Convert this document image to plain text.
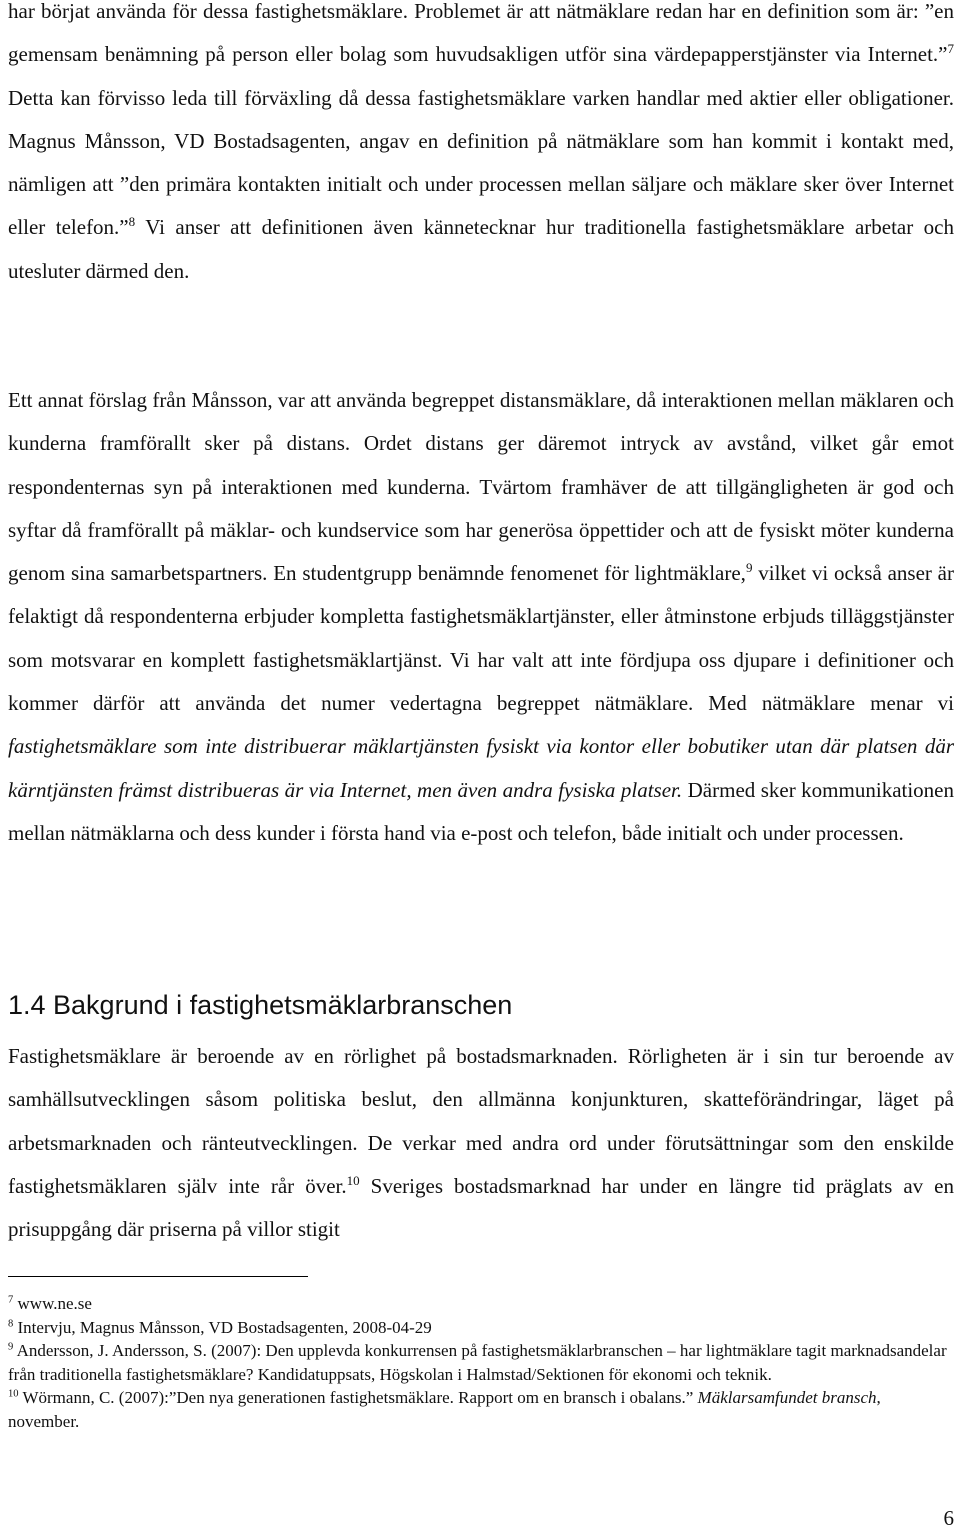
har börjat använda för dessa fastighetsmäklare. Problemet är att nätmäklare redan har en definition som är: ”en gemensam benämning på person eller bolag som huvudsakligen utför sina värdepapperstjänster via Internet.”$^7$ Detta kan förvisso leda till förväxling då dessa fastighetsmäklare varken handlar med aktier eller obligationer. Magnus Månsson, VD Bostadsagenten, angav en definition på nätmäklare som han kommit i kontakt med, nämligen att ”den primära kontakten initialt och under processen mellan säljare och mäklare sker över Internet eller telefon.”$^8$ Vi anser att definitionen även kännetecknar hur traditionella fastighetsmäklare arbetar och utesluter därmed den.

Ett annat förslag från Månsson, var att använda begreppet distansmäklare, då interaktionen mellan mäklaren och kunderna framförallt sker på distans. Ordet distans ger däremot intryck av avstånd, vilket går emot respondenternas syn på interaktionen med kunderna. Tvärtom framhäver de att tillgängligheten är god och syftar då framförallt på mäklar- och kundservice som har generösa öppettider och att de fysiskt möter kunderna genom sina samarbetspartners. En studentgrupp benämnde fenomenet för lightmäklare,$^9$ vilket vi också anser är felaktigt då respondenterna erbjuder kompletta fastighetsmäklartjänster, eller åtminstone erbjuds tilläggstjänster som motsvarar en komplett fastighetsmäklartjänst. Vi har valt att inte fördjupa oss djupare i definitioner och kommer därför att använda det numer vedertagna begreppet nätmäklare. Med nätmäklare menar vi fastighetsmäklare som inte distribuerar mäklartjänsten fysiskt via kontor eller bobutiker utan där platsen där kärntjänsten främst distribueras är via Internet, men även andra fysiska platser. Därmed sker kommunikationen mellan nätmäklarna och dess kunder i första hand via e-post och telefon, både initialt och under processen.

1.4 Bakgrund i fastighetsmäklarbranschen

Fastighetsmäklare är beroende av en rörlighet på bostadsmarknaden. Rörligheten är i sin tur beroende av samhällsutvecklingen såsom politiska beslut, den allmänna konjunkturen, skatteförändringar, läget på arbetsmarknaden och ränteutvecklingen. De verkar med andra ord under förutsättningar som den enskilde fastighetsmäklaren själv inte rår över.$^{10}$ Sveriges bostadsmarknad har under en längre tid präglats av en prisuppgång där priserna på villor stigit

$^7$ www.ne.se

$^8$ Intervju, Magnus Månsson, VD Bostadsagenten, 2008-04-29

$^9$ Andersson, J. Andersson, S. (2007): Den upplevda konkurrensen på fastighetsmäklarbranschen – har lightmäklare tagit marknadsandelar från traditionella fastighetsmäklare? Kandidatuppsats, Högskolan i Halmstad/Sektionen för ekonomi och teknik.

$^{10}$ Wörmann, C. (2007):”Den nya generationen fastighetsmäklare. Rapport om en bransch i obalans.” Mäklarsamfundet bransch, november.

6
